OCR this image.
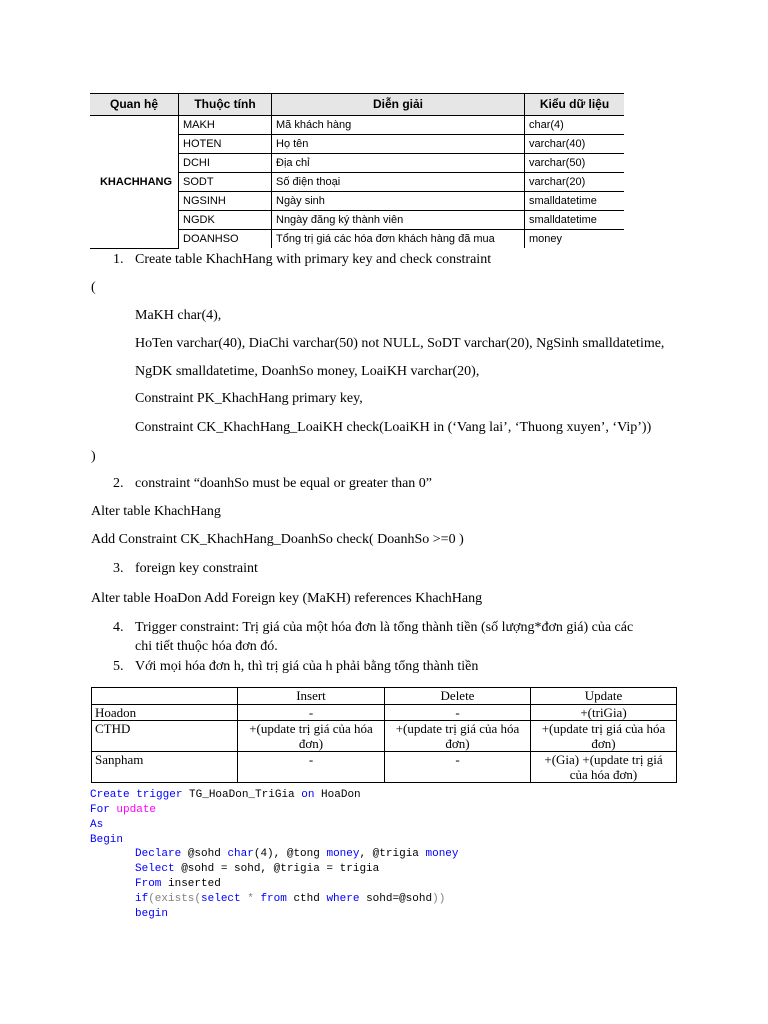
Quan hệ	Thuộc tính	Diễn giải	Kiểu dữ liệu
KHACHHANG	MAKH	Mã khách hàng	char(4)
	HOTEN	Họ tên	varchar(40)
	DCHI	Địa chỉ	varchar(50)
	SODT	Số điện thoại	varchar(20)
	NGSINH	Ngày sinh	smalldatetime
	NGDK	Nngày đăng ký thành viên	smalldatetime
	DOANHSO	Tổng trị giá các hóa đơn khách hàng đã mua	money
1. Create table KhachHang with primary key and check constraint
(
MaKH char(4),
HoTen varchar(40), DiaChi varchar(50) not NULL, SoDT varchar(20), NgSinh smalldatetime,
NgDK smalldatetime, DoanhSo money, LoaiKH varchar(20),
Constraint PK_KhachHang primary key,
Constraint CK_KhachHang_LoaiKH check(LoaiKH in (‘Vang lai’, ‘Thuong xuyen’, ‘Vip’))
)
2. constraint “doanhSo must be equal or greater than 0”
Alter table KhachHang
Add Constraint CK_KhachHang_DoanhSo check( DoanhSo >=0 )
3. foreign key constraint
Alter table HoaDon Add Foreign key (MaKH) references KhachHang
4. Trigger constraint: Trị giá của một hóa đơn là tổng thành tiền (số lượng*đơn giá) của các
chi tiết thuộc hóa đơn đó.
5. Với mọi hóa đơn h, thì trị giá của h phải bằng tổng thành tiền
	Insert	Delete	Update
Hoadon	-	-	+(triGia)
CTHD	+(update trị giá của hóa đơn)	+(update trị giá của hóa đơn)	+(update trị giá của hóa đơn)
Sanpham	-	-	+(Gia) +(update trị giá của hóa đơn)
Create trigger TG_HoaDon_TriGia on HoaDon
For update
As
Begin
Declare @sohd char(4), @tong money, @trigia money
Select @sohd = sohd, @trigia = trigia
From inserted
if(exists(select * from cthd where sohd=@sohd))
begin
